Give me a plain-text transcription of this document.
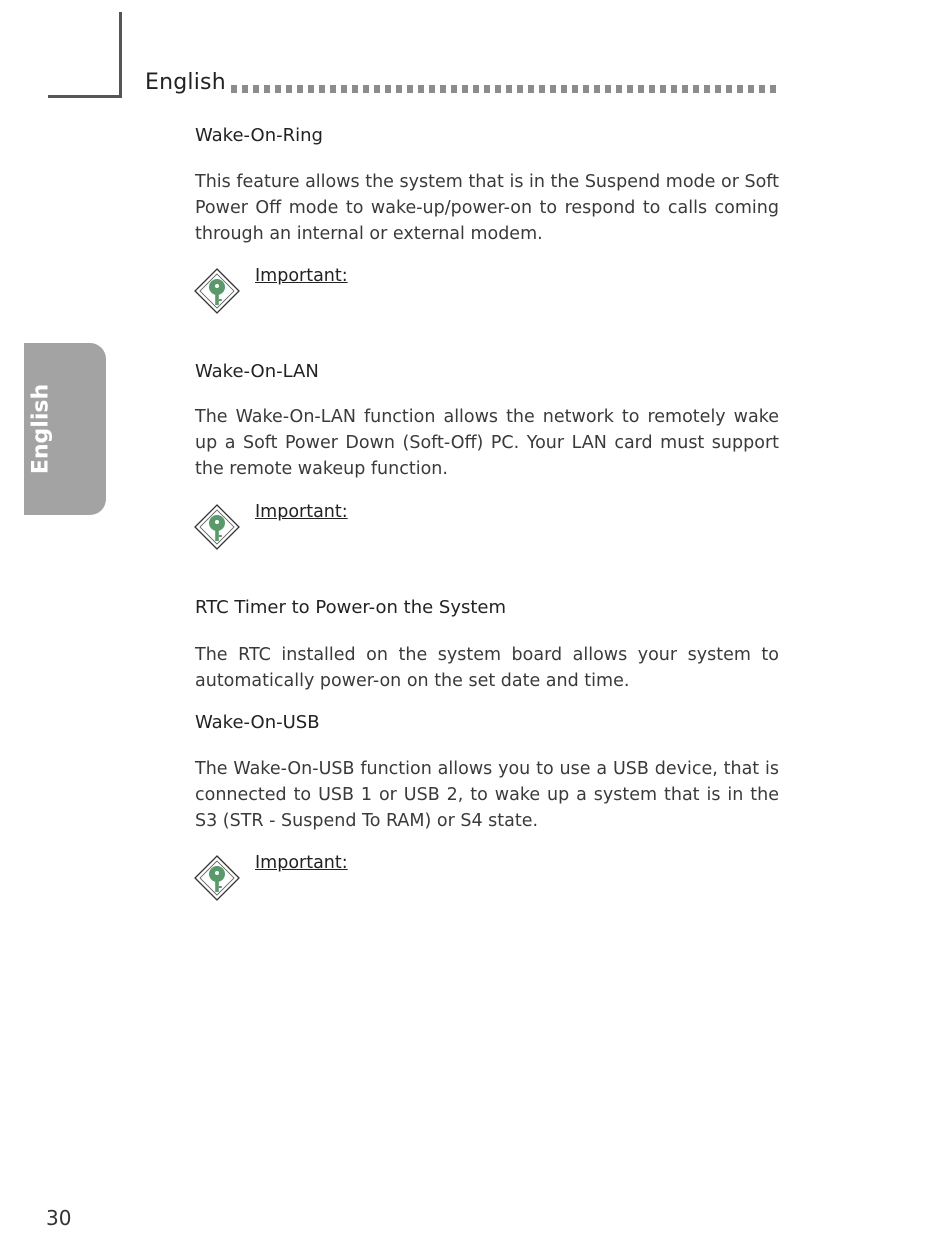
English
English
Wake-On-Ring

This feature allows the system that is in the Suspend mode or Soft Power Off mode to wake-up/power-on to respond to calls coming through an internal or external modem.

Important:
Wake-On-LAN

The Wake-On-LAN function allows the network to remotely wake up a Soft Power Down (Soft-Off) PC. Your LAN card must support the remote wakeup function.

Important:
RTC Timer to Power-on the System

The RTC installed on the system board allows your system to automatically power-on on the set date and time.

Wake-On-USB

The Wake-On-USB function allows you to use a USB device, that is connected to USB 1 or USB 2, to wake up a system that is in the S3 (STR - Suspend To RAM) or S4 state.

Important:
30
